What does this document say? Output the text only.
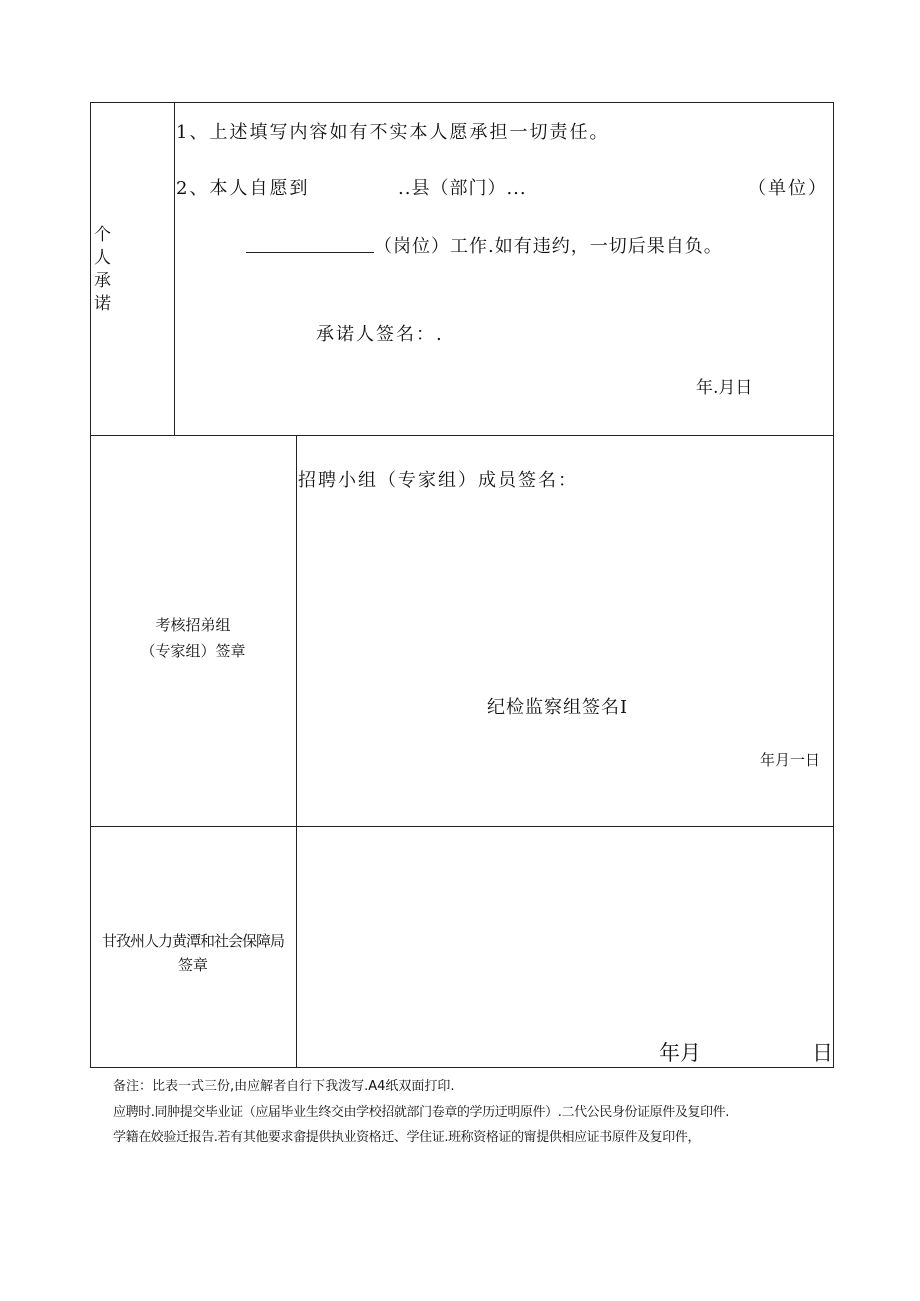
个
人
承
诺
1、上述填写内容如有不实本人愿承担一切责任。
2、本人自愿到	..县（部门）...	（单位）
（岗位）工作.如有违约，一切后果自负。
承诺人签名：.
年.月日
考核招弟组
（专家组）签章
招聘小组（专家组）成员签名：
纪检监察组签名I
年月一日
甘孜州人力黄潭和社会保障局
签章
年月	日
备注：比表一式三份,由应解者自行下我泼写.A4纸双面打印.
应聘时.同肿提交毕业证（应届毕业生终交由学校招就部门卷章的学历迂明原件）.二代公民身份证原件及复印件.
学籍在姣验迁报告.若有其他要求畲提供执业资格迁、学住证.班称资格证的甯提供相应证书原件及复印件，
